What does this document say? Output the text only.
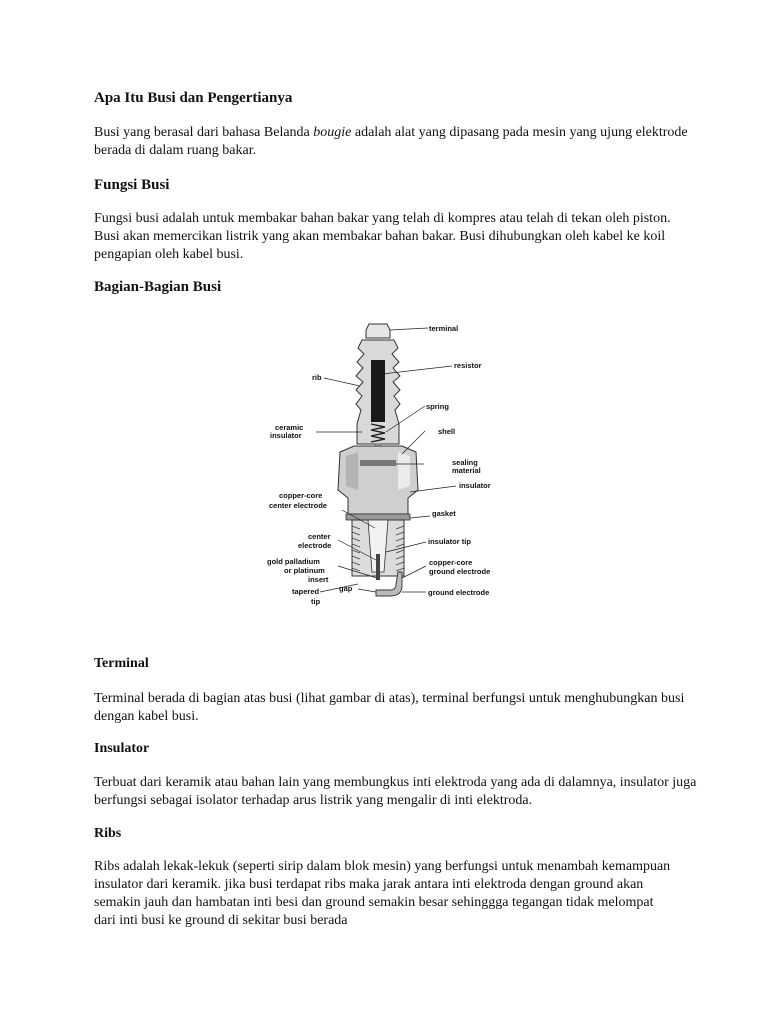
Apa Itu Busi dan Pengertianya

Busi yang berasal dari bahasa Belanda bougie adalah alat yang dipasang pada mesin yang ujung elektrode berada di dalam ruang bakar.

Fungsi Busi

Fungsi busi adalah untuk membakar bahan bakar yang telah di kompres atau telah di tekan oleh piston. Busi akan memercikan listrik yang akan membakar bahan bakar. Busi dihubungkan oleh kabel ke koil pengapian oleh kabel busi.

Bagian-Bagian Busi
terminal
resistor
rib
spring
ceramic
insulator	shell
sealing
material
insulator
copper-core
center electrode
gasket
center
electrode	insulator tip
gold palladium
or platinum
insert
copper-core
ground electrode
tapered
tip
gap	ground electrode
Terminal

Terminal berada di bagian atas busi (lihat gambar di atas), terminal berfungsi untuk menghubungkan busi dengan kabel busi.

Insulator

Terbuat dari keramik atau bahan lain yang membungkus inti elektroda yang ada di dalamnya, insulator juga berfungsi sebagai isolator terhadap arus listrik yang mengalir di inti elektroda.

Ribs

Ribs adalah lekak-lekuk (seperti sirip dalam blok mesin) yang berfungsi untuk menambah kemampuan insulator dari keramik. jika busi terdapat ribs maka jarak antara inti elektroda dengan ground akan semakin jauh dan hambatan inti besi dan ground semakin besar sehinggga tegangan tidak melompat dari inti busi ke ground di sekitar busi berada
